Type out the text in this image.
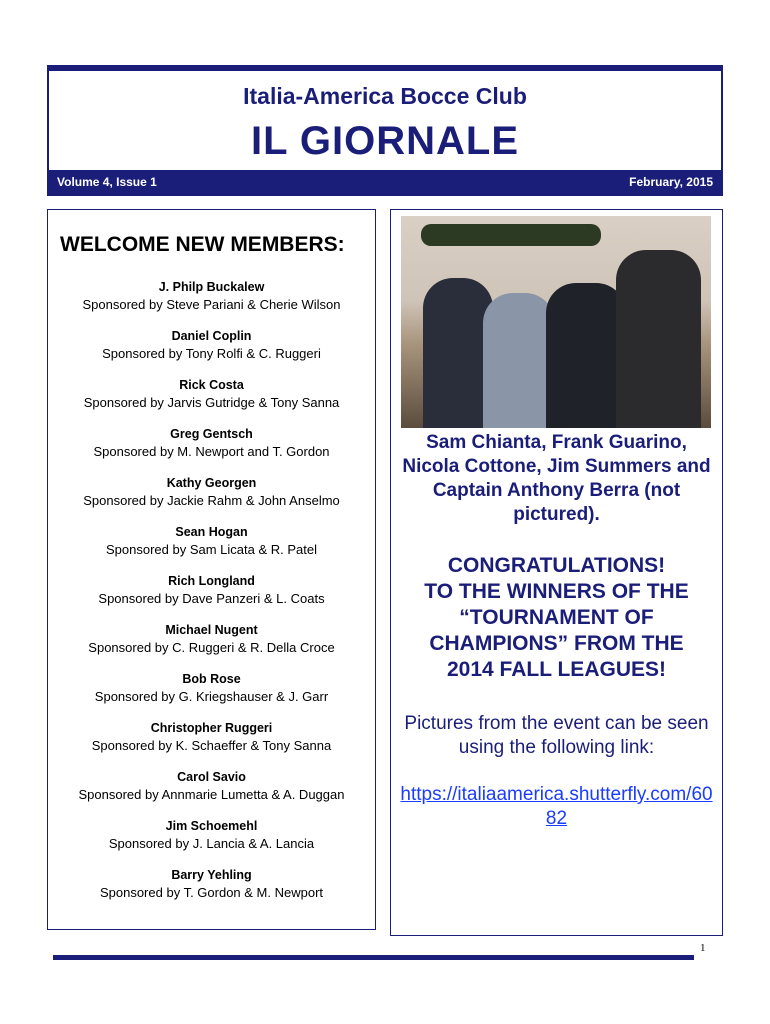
Italia-America Bocce Club
IL GIORNALE
Volume 4, Issue 1	February, 2015
WELCOME NEW MEMBERS:
J. Philp Buckalew
Sponsored by Steve Pariani & Cherie Wilson
Daniel Coplin
Sponsored by Tony Rolfi & C. Ruggeri
Rick Costa
Sponsored by Jarvis Gutridge & Tony Sanna
Greg Gentsch
Sponsored by M. Newport and T. Gordon
Kathy Georgen
Sponsored by Jackie Rahm & John Anselmo
Sean Hogan
Sponsored by Sam Licata & R. Patel
Rich Longland
Sponsored by Dave Panzeri & L. Coats
Michael Nugent
Sponsored by C. Ruggeri & R. Della Croce
Bob Rose
Sponsored by G. Kriegshauser & J. Garr
Christopher Ruggeri
Sponsored by K. Schaeffer & Tony Sanna
Carol Savio
Sponsored by Annmarie Lumetta & A. Duggan
Jim Schoemehl
Sponsored by J. Lancia & A. Lancia
Barry Yehling
Sponsored by T. Gordon & M. Newport
Sam Chianta, Frank Guarino, Nicola Cottone, Jim Summers and Captain Anthony Berra (not pictured).
CONGRATULATIONS!
TO THE WINNERS OF THE
“TOURNAMENT OF
CHAMPIONS” FROM THE
2014 FALL LEAGUES!
Pictures from the event can be seen using the following link:
https://italiaamerica.shutterfly.com/6082
1
